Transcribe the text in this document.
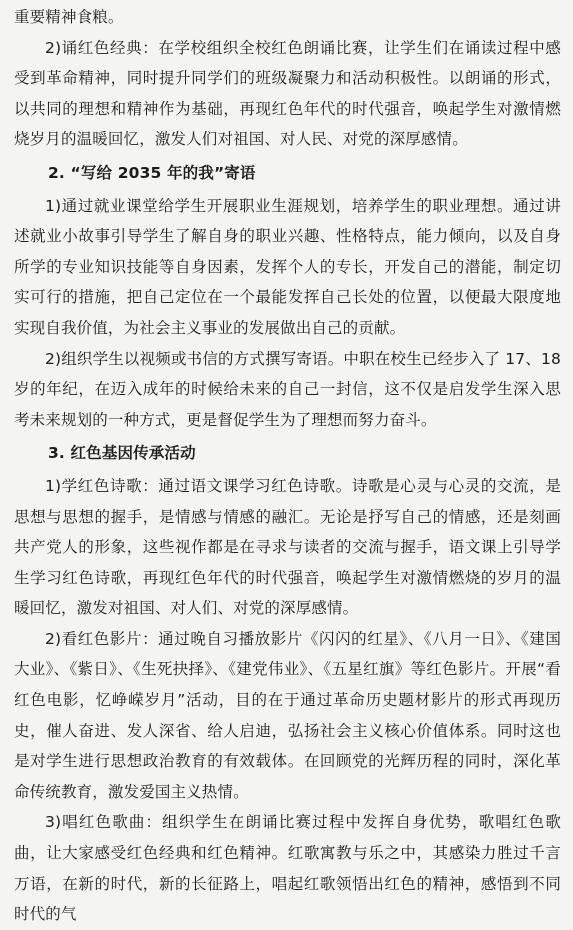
重要精神食粮。

2)诵红色经典：在学校组织全校红色朗诵比赛，让学生们在诵读过程中感受到革命精神，同时提升同学们的班级凝聚力和活动积极性。以朗诵的形式，以共同的理想和精神作为基础，再现红色年代的时代强音，唤起学生对激情燃烧岁月的温暖回忆，激发人们对祖国、对人民、对党的深厚感情。

2. “写给 2035 年的我”寄语

1)通过就业课堂给学生开展职业生涯规划，培养学生的职业理想。通过讲述就业小故事引导学生了解自身的职业兴趣、性格特点，能力倾向，以及自身所学的专业知识技能等自身因素，发挥个人的专长，开发自己的潜能，制定切实可行的措施，把自己定位在一个最能发挥自己长处的位置，以便最大限度地实现自我价值，为社会主义事业的发展做出自己的贡献。

2)组织学生以视频或书信的方式撰写寄语。中职在校生已经步入了 17、18 岁的年纪，在迈入成年的时候给未来的自己一封信，这不仅是启发学生深入思考未来规划的一种方式，更是督促学生为了理想而努力奋斗。

3. 红色基因传承活动

1)学红色诗歌：通过语文课学习红色诗歌。诗歌是心灵与心灵的交流，是思想与思想的握手，是情感与情感的融汇。无论是抒写自己的情感，还是刻画共产党人的形象，这些视作都是在寻求与读者的交流与握手，语文课上引导学生学习红色诗歌，再现红色年代的时代强音，唤起学生对激情燃烧的岁月的温暖回忆，激发对祖国、对人们、对党的深厚感情。

2)看红色影片：通过晚自习播放影片《闪闪的红星》、《八月一日》、《建国大业》、《紫日》、《生死抉择》、《建党伟业》、《五星红旗》等红色影片。开展“看红色电影，忆峥嵘岁月”活动，目的在于通过革命历史题材影片的形式再现历史，催人奋进、发人深省、给人启迪，弘扬社会主义核心价值体系。同时这也是对学生进行思想政治教育的有效载体。在回顾党的光辉历程的同时，深化革命传统教育，激发爱国主义热情。

3)唱红色歌曲：组织学生在朗诵比赛过程中发挥自身优势，歌唱红色歌曲，让大家感受红色经典和红色精神。红歌寓教与乐之中，其感染力胜过千言万语，在新的时代，新的长征路上，唱起红歌领悟出红色的精神，感悟到不同时代的气
